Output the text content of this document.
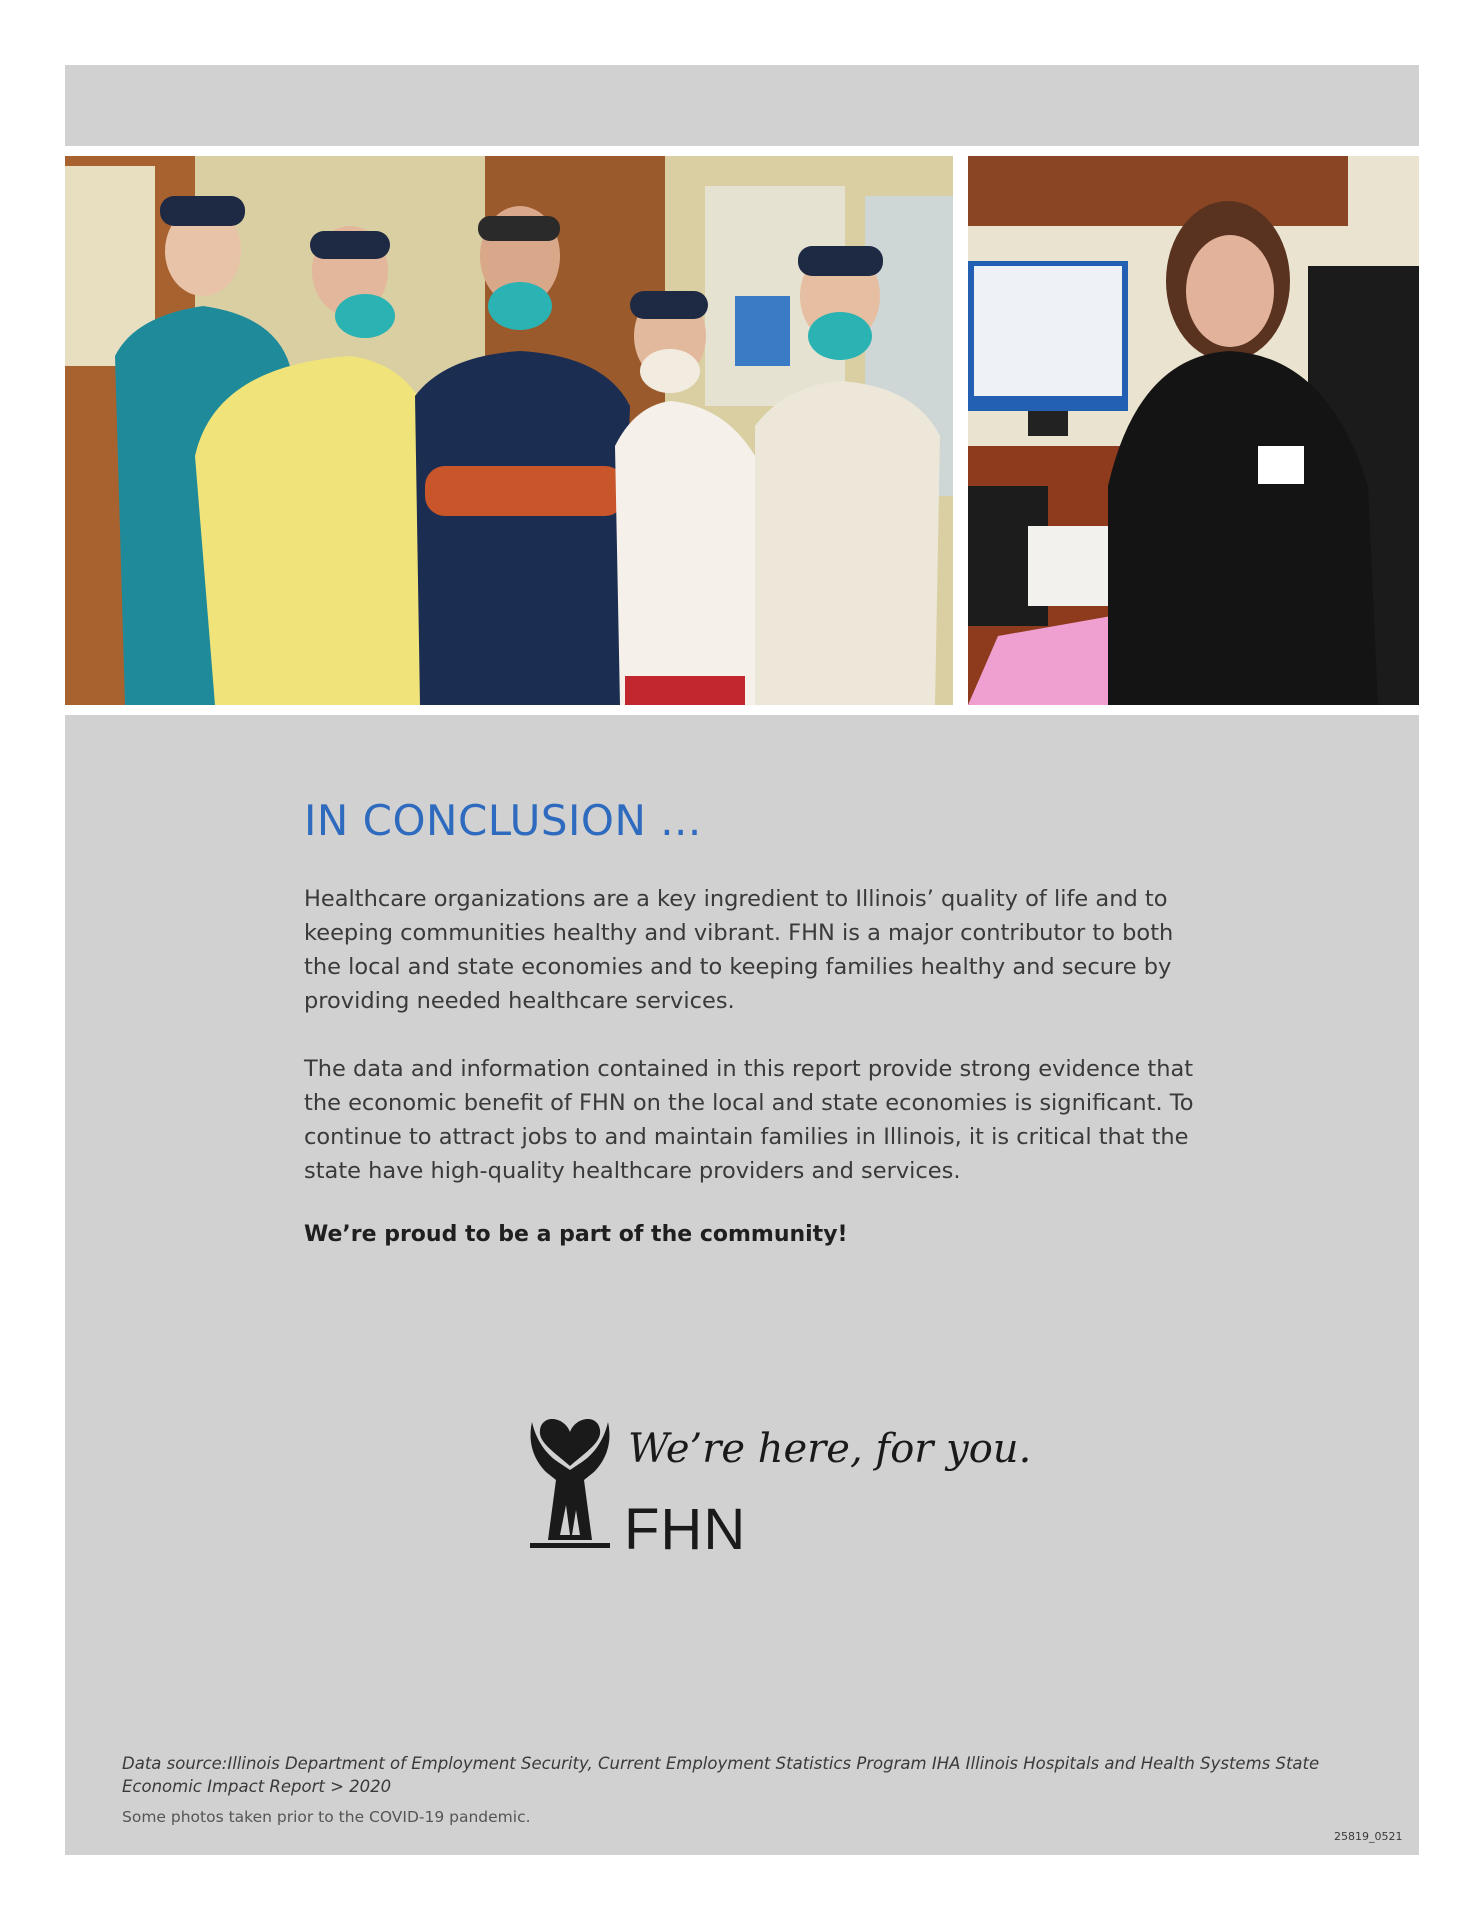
IN CONCLUSION ...

Healthcare organizations are a key ingredient to Illinois’ quality of life and to keeping communities healthy and vibrant. FHN is a major contributor to both the local and state economies and to keeping families healthy and secure by providing needed healthcare services.

The data and information contained in this report provide strong evidence that the economic benefit of FHN on the local and state economies is significant. To continue to attract jobs to and maintain families in Illinois, it is critical that the state have high-quality healthcare providers and services.

We’re proud to be a part of the community!

We’re here, for you.

FHN

Data source:Illinois Department of Employment Security, Current Employment Statistics Program IHA Illinois Hospitals and Health Systems State Economic Impact Report > 2020

Some photos taken prior to the COVID-19 pandemic.

25819_0521
